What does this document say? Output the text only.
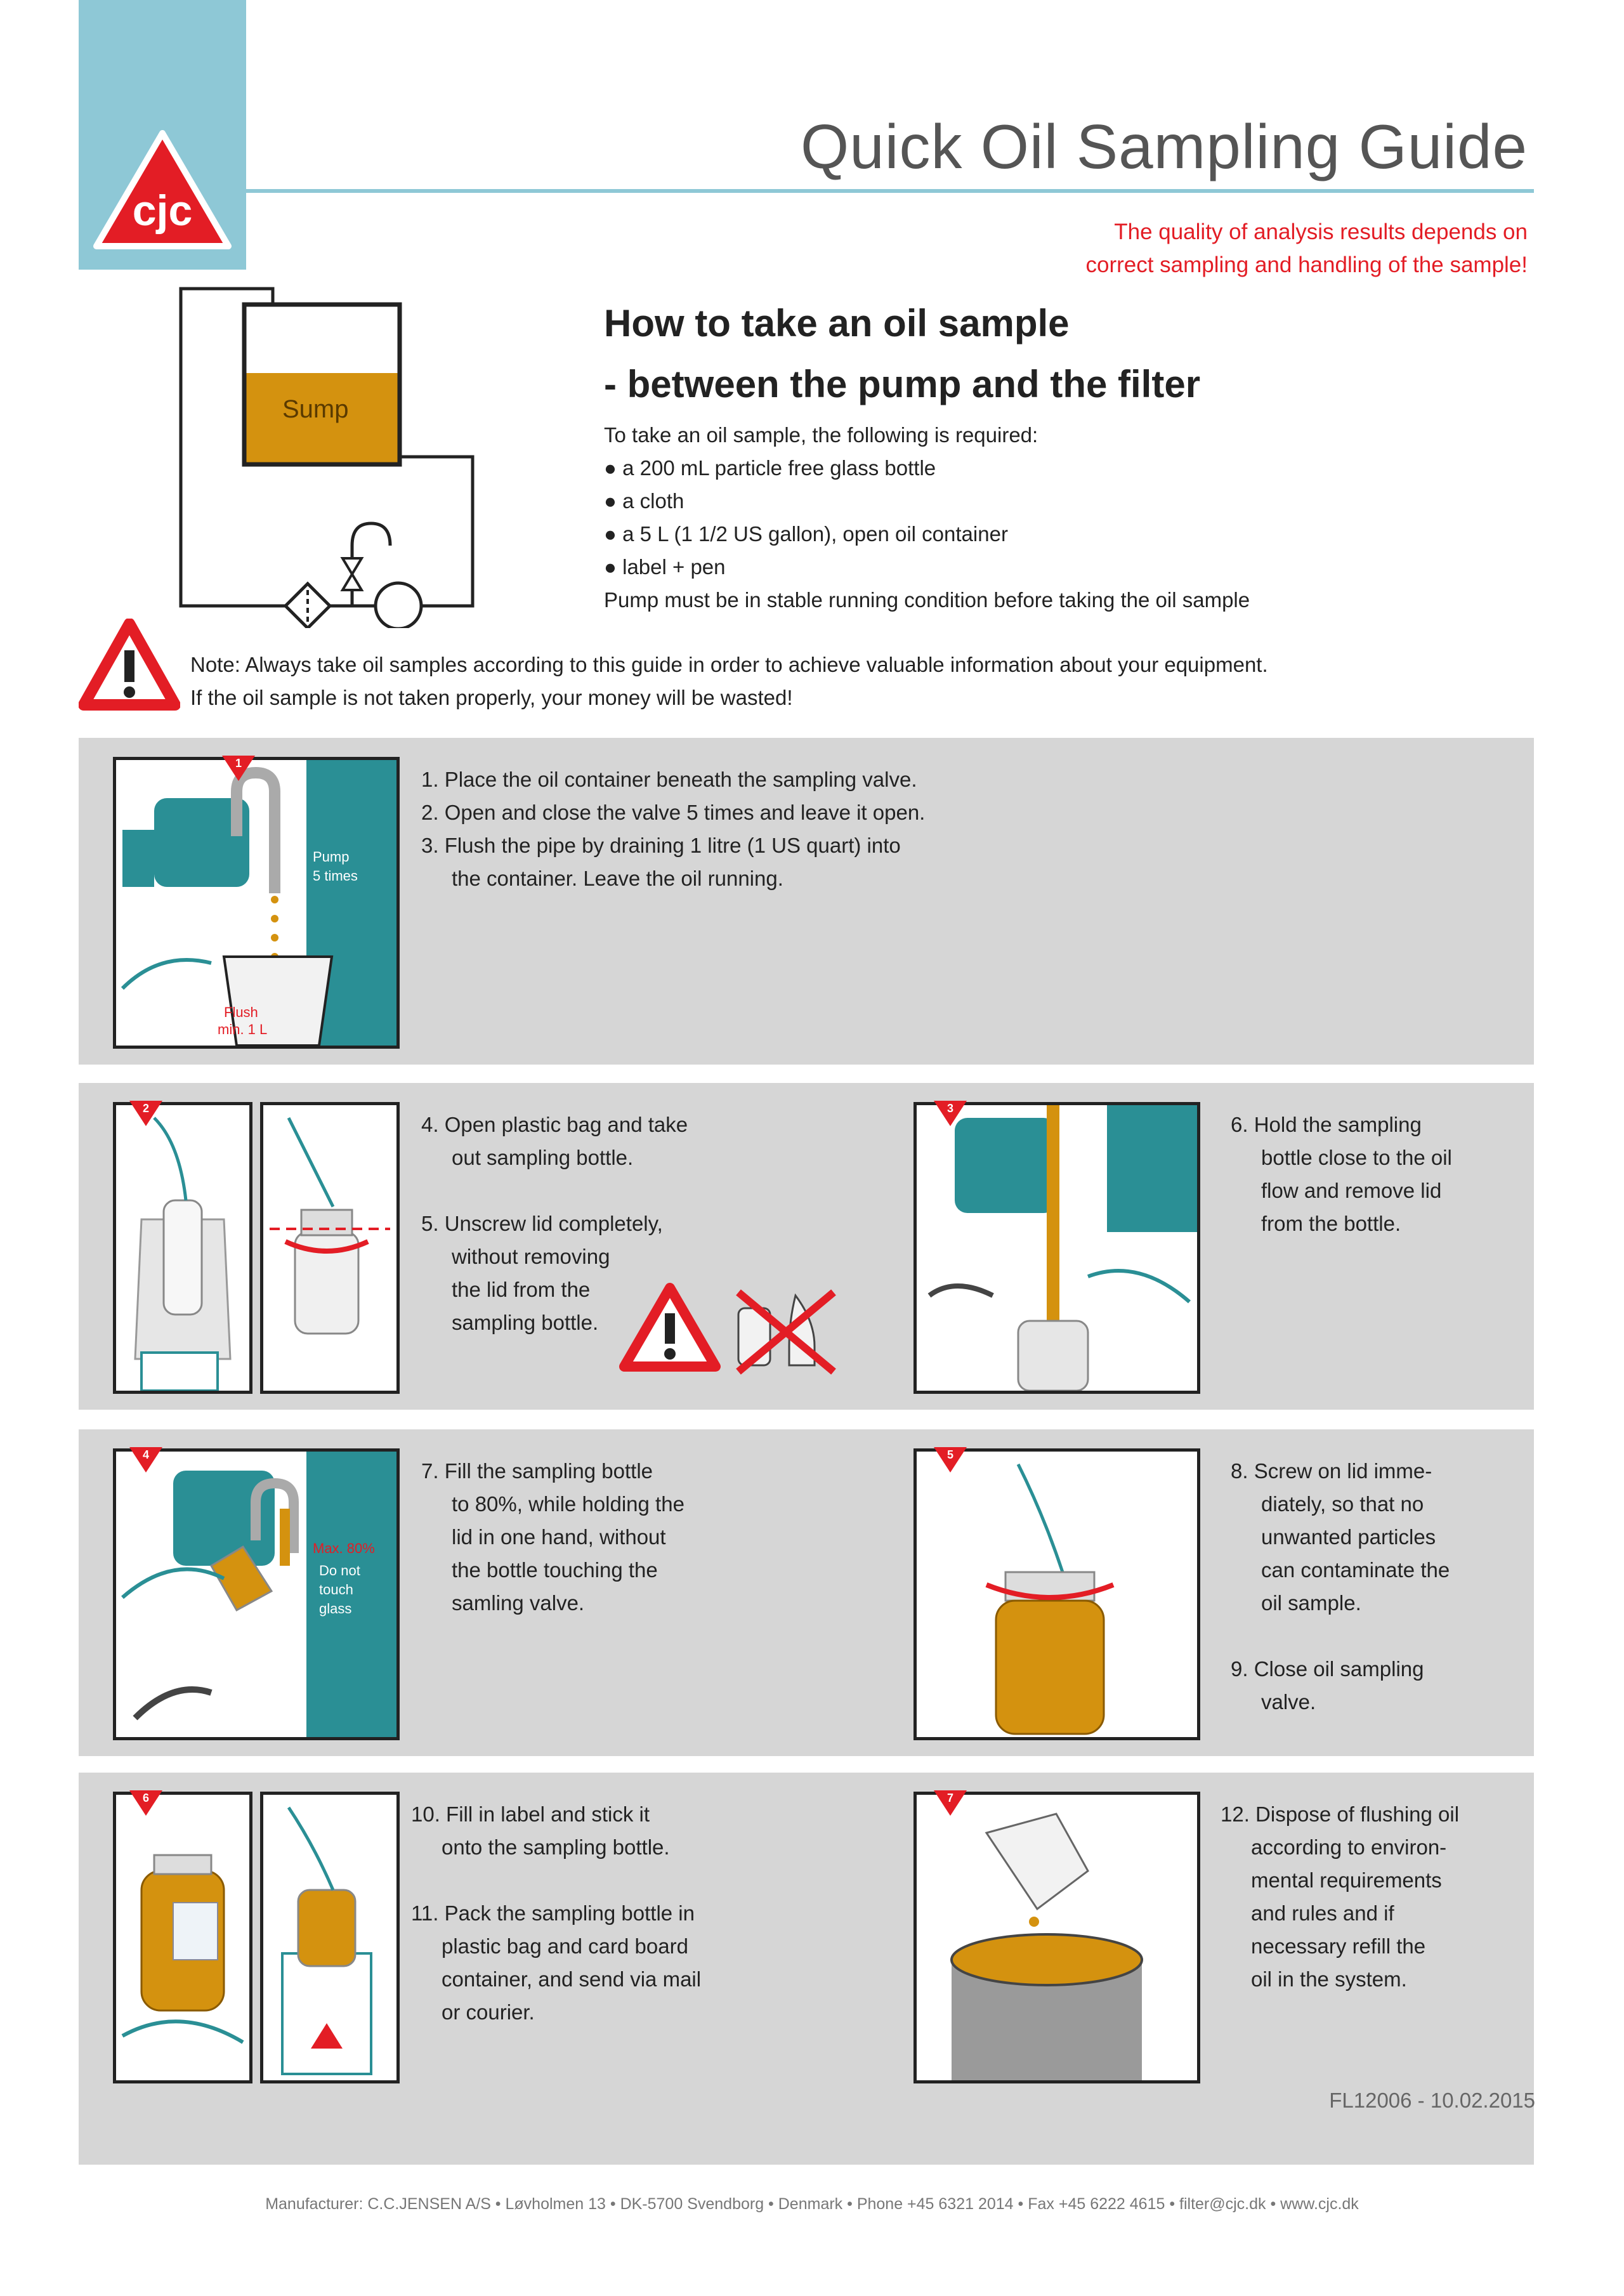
cjc
Quick Oil Sampling Guide
The quality of analysis results depends on
correct sampling and handling of the sample!
Sump
How to take an oil sample
- between the pump and the filter
To take an oil sample, the following is required:
● a 200 mL particle free glass bottle
● a cloth
● a 5 L (1 1/2 US gallon), open oil container
● label + pen
Pump must be in stable running condition before taking the oil sample
Note: Always take oil samples according to this guide in order to achieve valuable information about your equipment.
If the oil sample is not taken properly, your money will be wasted!
Pump
5 times
Flush
min. 1 L
1
1. Place the oil container beneath the sampling valve.
2. Open and close the valve 5 times and leave it open.
3. Flush the pipe by draining 1 litre (1 US quart) into
the container. Leave the oil running.
2
4. Open plastic bag and take
out sampling bottle.
5. Unscrew lid completely,
without removing
the lid from the
sampling bottle.
3
6. Hold the sampling
bottle close to the oil
flow and remove lid
from the bottle.
Max. 80%
Do not
touch
glass
4
7. Fill the sampling bottle
to 80%, while holding the
lid in one hand, without
the bottle touching the
samling valve.
5
8. Screw on lid imme-
diately, so that no
unwanted particles
can contaminate the
oil sample.
9. Close oil sampling
valve.
6
10. Fill in label and stick it
onto the sampling bottle.
11. Pack the sampling bottle in
plastic bag and card board
container, and send via mail
or courier.
7
12. Dispose of flushing oil
according to environ-
mental requirements
and rules and if
necessary refill the
oil in the system.
FL12006 - 10.02.2015
Manufacturer: C.C.JENSEN A/S • Løvholmen 13 • DK-5700 Svendborg • Denmark • Phone +45 6321 2014 • Fax +45 6222 4615 • filter@cjc.dk • www.cjc.dk
